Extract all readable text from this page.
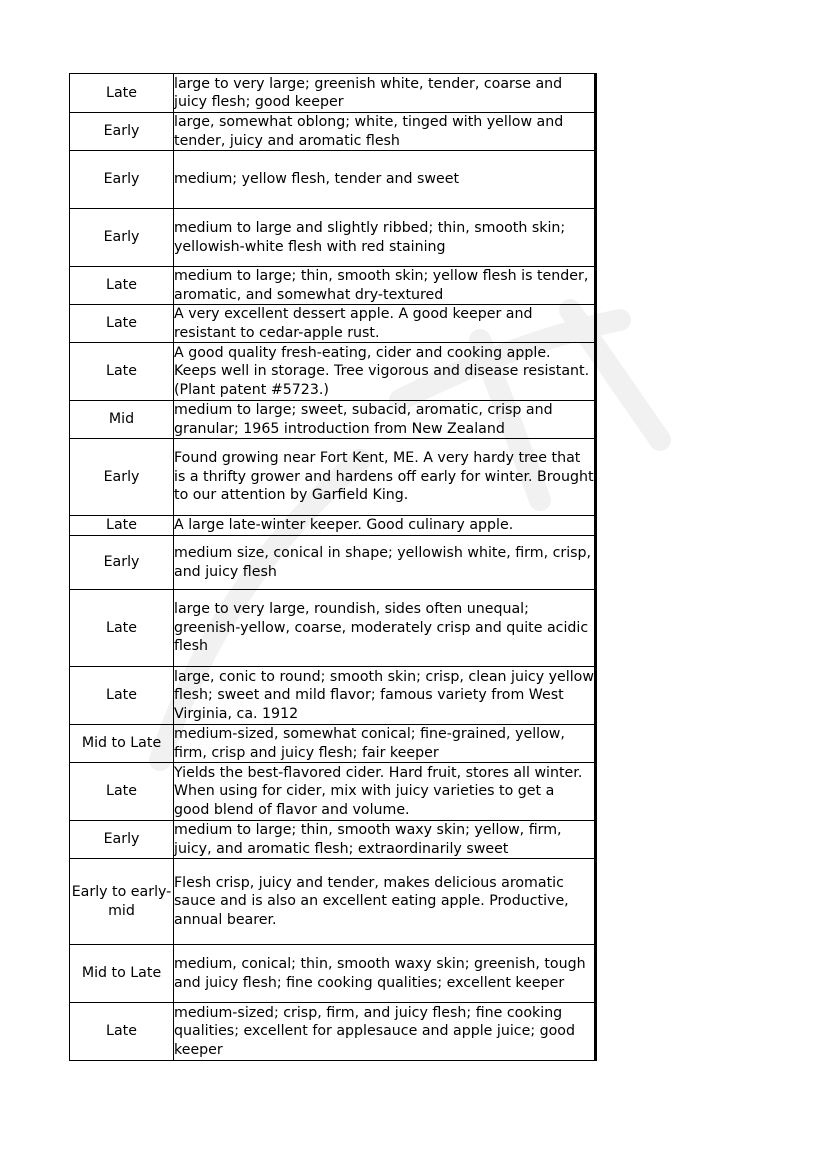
Late	large to very large; greenish white, tender, coarse and juicy flesh; good keeper
Early	large, somewhat oblong; white, tinged with yellow and tender, juicy and aromatic flesh
Early	medium; yellow flesh, tender and sweet
Early	medium to large and slightly ribbed; thin, smooth skin; yellowish-white flesh with red staining
Late	medium to large; thin, smooth skin; yellow flesh is tender, aromatic, and somewhat dry-textured
Late	A very excellent dessert apple. A good keeper and resistant to cedar-apple rust.
Late	A good quality fresh-eating, cider and cooking apple. Keeps well in storage. Tree vigorous and disease resistant. (Plant patent #5723.)
Mid	medium to large; sweet, subacid, aromatic, crisp and granular; 1965 introduction from New Zealand
Early	Found growing near Fort Kent, ME. A very hardy tree that is a thrifty grower and hardens off early for winter. Brought to our attention by Garfield King.
Late	A large late-winter keeper. Good culinary apple.
Early	medium size, conical in shape; yellowish white, firm, crisp, and juicy flesh
Late	large to very large, roundish, sides often unequal; greenish-yellow, coarse, moderately crisp and quite acidic flesh
Late	large, conic to round; smooth skin; crisp, clean juicy yellow flesh; sweet and mild flavor; famous variety from West Virginia, ca. 1912
Mid to Late	medium-sized, somewhat conical; fine-grained, yellow, firm, crisp and juicy flesh; fair keeper
Late	Yields the best-flavored cider. Hard fruit, stores all winter. When using for cider, mix with juicy varieties to get a good blend of flavor and volume.
Early	medium to large; thin, smooth waxy skin; yellow, firm, juicy, and aromatic flesh; extraordinarily sweet
Early to early-mid	Flesh crisp, juicy and tender, makes delicious aromatic sauce and is also an excellent eating apple. Productive, annual bearer.
Mid to Late	medium, conical; thin, smooth waxy skin; greenish, tough and juicy flesh; fine cooking qualities; excellent keeper
Late	medium-sized; crisp, firm, and juicy flesh; fine cooking qualities; excellent for applesauce and apple juice; good keeper
